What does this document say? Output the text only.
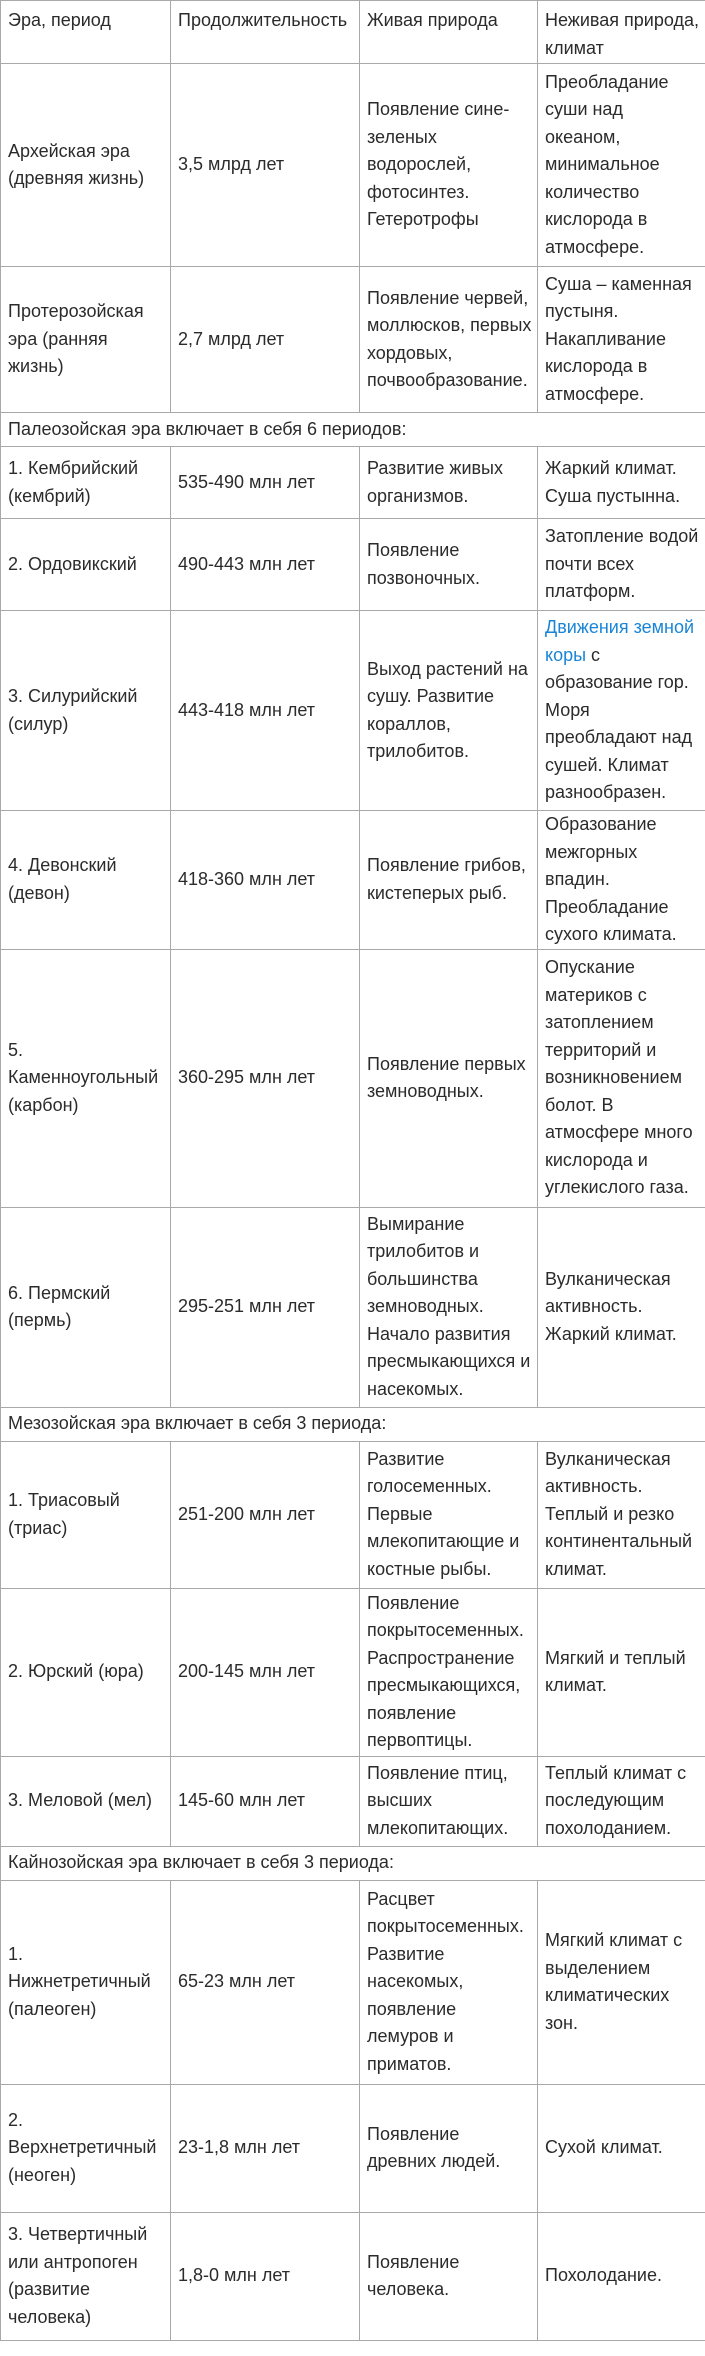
Эра, период	Продолжительность	Живая природа	Неживая природа, климат
Архейская эра (древняя жизнь)	3,5 млрд лет	Появление сине-зеленых водорослей, фотосинтез. Гетеротрофы	Преобладание суши над океаном, минимальное количество кислорода в атмосфере.
Протерозойская эра (ранняя жизнь)	2,7 млрд лет	Появление червей, моллюсков, первых хордовых, почвообразование.	Суша – каменная пустыня. Накапливание кислорода в атмосфере.
Палеозойская эра включает в себя 6 периодов:			
1. Кембрийский (кембрий)	535-490 млн лет	Развитие живых организмов.	Жаркий климат. Суша пустынна.
2. Ордовикский	490-443 млн лет	Появление позвоночных.	Затопление водой почти всех платформ.
3. Силурийский (силур)	443-418 млн лет	Выход растений на сушу. Развитие кораллов, трилобитов.	Движения земной коры с образование гор. Моря преобладают над сушей. Климат разнообразен.
4. Девонский (девон)	418-360 млн лет	Появление грибов, кистеперых рыб.	Образование межгорных впадин. Преобладание сухого климата.
5. Каменноугольный (карбон)	360-295 млн лет	Появление первых земноводных.	Опускание материков с затоплением территорий и возникновением болот. В атмосфере много кислорода и углекислого газа.
6. Пермский (пермь)	295-251 млн лет	Вымирание трилобитов и большинства земноводных. Начало развития пресмыкающихся и насекомых.	Вулканическая активность. Жаркий климат.
Мезозойская эра включает в себя 3 периода:			
1. Триасовый (триас)	251-200 млн лет	Развитие голосеменных. Первые млекопитающие и костные рыбы.	Вулканическая активность. Теплый и резко континентальный климат.
2. Юрский (юра)	200-145 млн лет	Появление покрытосеменных. Распространение пресмыкающихся, появление первоптицы.	Мягкий и теплый климат.
3. Меловой (мел)	145-60 млн лет	Появление птиц, высших млекопитающих.	Теплый климат с последующим похолоданием.
Кайнозойская эра включает в себя 3 периода:			
1. Нижнетретичный (палеоген)	65-23 млн лет	Расцвет покрытосеменных. Развитие насекомых, появление лемуров и приматов.	Мягкий климат с выделением климатических зон.
2. Верхнетретичный (неоген)	23-1,8 млн лет	Появление древних людей.	Сухой климат.
3. Четвертичный или антропоген (развитие человека)	1,8-0 млн лет	Появление человека.	Похолодание.
